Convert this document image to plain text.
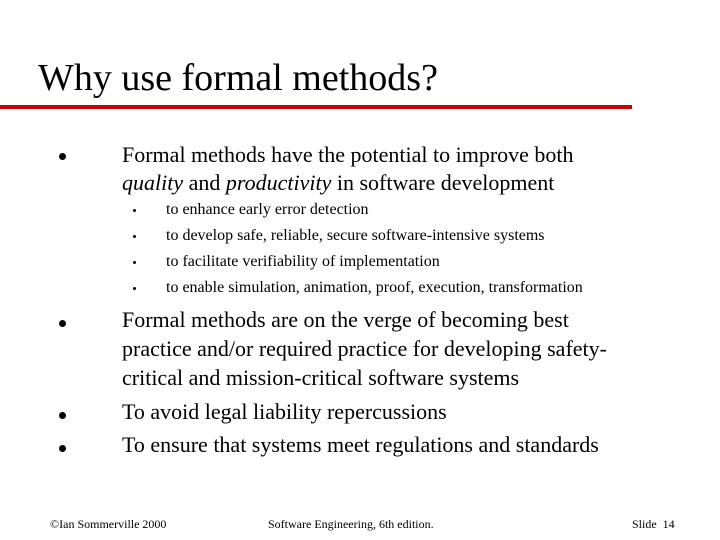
Why use formal methods?
Formal methods have the potential to improve both
quality and productivity in software development
to enhance early error detection
to develop safe, reliable, secure software-intensive systems
to facilitate verifiability of implementation
to enable simulation, animation, proof, execution, transformation
Formal methods are on the verge of becoming best
practice and/or required practice for developing safety-
critical and mission-critical software systems
To avoid legal liability repercussions
To ensure that systems meet regulations and standards
©Ian Sommerville 2000	Software Engineering, 6th edition.	Slide 14
